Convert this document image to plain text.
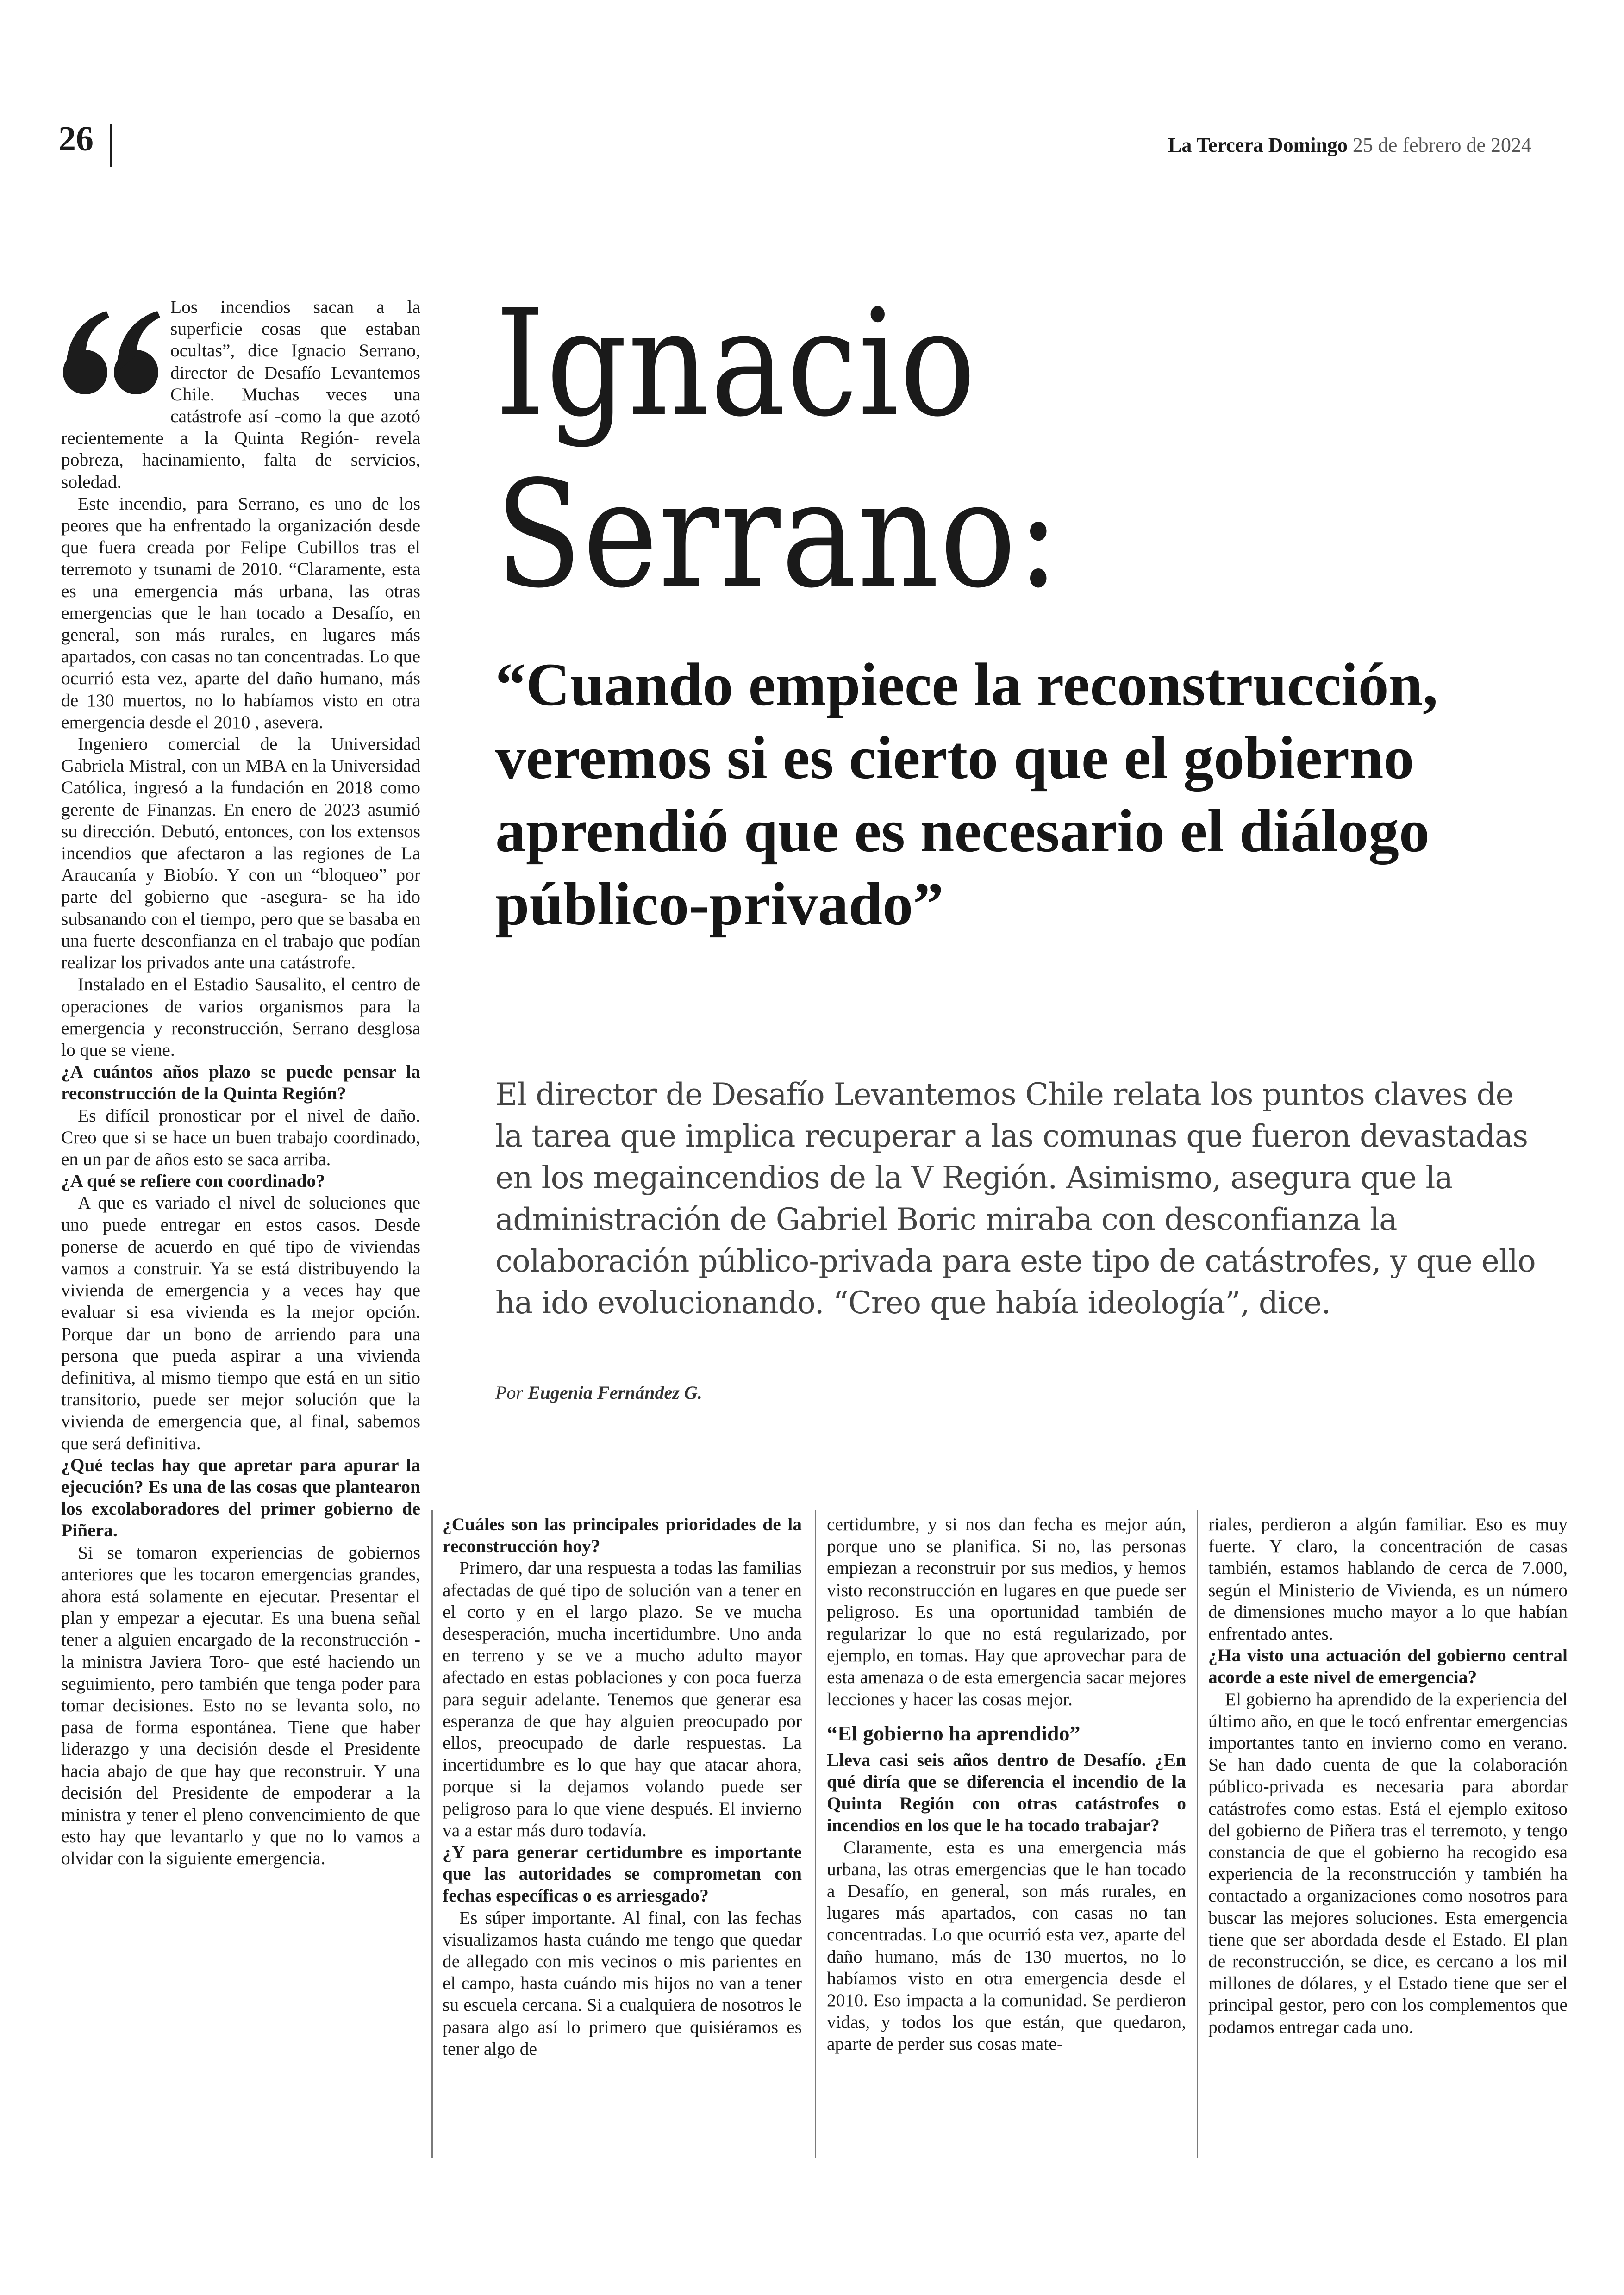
26	La Tercera Domingo 25 de febrero de 2024
Ignacio
Serrano:
“Cuando empiece la reconstrucción, veremos si es cierto que el gobierno aprendió que es necesario el diálogo público-privado”
El director de Desafío Levantemos Chile relata los puntos claves de la tarea que implica recuperar a las comunas que fueron devastadas en los megaincendios de la V Región. Asimismo, asegura que la administración de Gabriel Boric miraba con desconfianza la colaboración público-privada para este tipo de catástrofes, y que ello ha ido evolucionando. “Creo que había ideología”, dice.
Por Eugenia Fernández G.

Los incendios sacan a la superficie cosas que estaban ocultas”, dice Ignacio Serrano, director de Desafío Levantemos Chile. Muchas veces una catástrofe así -como la que azotó recientemente a la Quinta Región- revela pobreza, hacinamiento, falta de servicios, soledad.

Este incendio, para Serrano, es uno de los peores que ha enfrentado la organización desde que fuera creada por Felipe Cubillos tras el terremoto y tsunami de 2010. “Claramente, esta es una emergencia más urbana, las otras emergencias que le han tocado a Desafío, en general, son más rurales, en lugares más apartados, con casas no tan concentradas. Lo que ocurrió esta vez, aparte del daño humano, más de 130 muertos, no lo habíamos visto en otra emergencia desde el 2010 , asevera.

Ingeniero comercial de la Universidad Gabriela Mistral, con un MBA en la Universidad Católica, ingresó a la fundación en 2018 como gerente de Finanzas. En enero de 2023 asumió su dirección. Debutó, entonces, con los extensos incendios que afectaron a las regiones de La Araucanía y Biobío. Y con un “bloqueo” por parte del gobierno que -asegura- se ha ido subsanando con el tiempo, pero que se basaba en una fuerte desconfianza en el trabajo que podían realizar los privados ante una catástrofe.

Instalado en el Estadio Sausalito, el centro de operaciones de varios organismos para la emergencia y reconstrucción, Serrano desglosa lo que se viene.

¿A cuántos años plazo se puede pensar la reconstrucción de la Quinta Región?

Es difícil pronosticar por el nivel de daño. Creo que si se hace un buen trabajo coordinado, en un par de años esto se saca arriba.

¿A qué se refiere con coordinado?

A que es variado el nivel de soluciones que uno puede entregar en estos casos. Desde ponerse de acuerdo en qué tipo de viviendas vamos a construir. Ya se está distribuyendo la vivienda de emergencia y a veces hay que evaluar si esa vivienda es la mejor opción. Porque dar un bono de arriendo para una persona que pueda aspirar a una vivienda definitiva, al mismo tiempo que está en un sitio transitorio, puede ser mejor solución que la vivienda de emergencia que, al final, sabemos que será definitiva.

¿Qué teclas hay que apretar para apurar la ejecución? Es una de las cosas que plantearon los excolaboradores del primer gobierno de Piñera.

Si se tomaron experiencias de gobiernos anteriores que les tocaron emergencias grandes, ahora está solamente en ejecutar. Presentar el plan y empezar a ejecutar. Es una buena señal tener a alguien encargado de la reconstrucción -la ministra Javiera Toro- que esté haciendo un seguimiento, pero también que tenga poder para tomar decisiones. Esto no se levanta solo, no pasa de forma espontánea. Tiene que haber liderazgo y una decisión desde el Presidente hacia abajo de que hay que reconstruir. Y una decisión del Presidente de empoderar a la ministra y tener el pleno convencimiento de que esto hay que levantarlo y que no lo vamos a olvidar con la siguiente emergencia.

¿Cuáles son las principales prioridades de la reconstrucción hoy?

Primero, dar una respuesta a todas las familias afectadas de qué tipo de solución van a tener en el corto y en el largo plazo. Se ve mucha desesperación, mucha incertidumbre. Uno anda en terreno y se ve a mucho adulto mayor afectado en estas poblaciones y con poca fuerza para seguir adelante. Tenemos que generar esa esperanza de que hay alguien preocupado por ellos, preocupado de darle respuestas. La incertidumbre es lo que hay que atacar ahora, porque si la dejamos volando puede ser peligroso para lo que viene después. El invierno va a estar más duro todavía.

¿Y para generar certidumbre es importante que las autoridades se comprometan con fechas específicas o es arriesgado?

Es súper importante. Al final, con las fechas visualizamos hasta cuándo me tengo que quedar de allegado con mis vecinos o mis parientes en el campo, hasta cuándo mis hijos no van a tener su escuela cercana. Si a cualquiera de nosotros le pasara algo así lo primero que quisiéramos es tener algo de

certidumbre, y si nos dan fecha es mejor aún, porque uno se planifica. Si no, las personas empiezan a reconstruir por sus medios, y hemos visto reconstrucción en lugares en que puede ser peligroso. Es una oportunidad también de regularizar lo que no está regularizado, por ejemplo, en tomas. Hay que aprovechar para de esta amenaza o de esta emergencia sacar mejores lecciones y hacer las cosas mejor.

“El gobierno ha aprendido”

Lleva casi seis años dentro de Desafío. ¿En qué diría que se diferencia el incendio de la Quinta Región con otras catástrofes o incendios en los que le ha tocado trabajar?

Claramente, esta es una emergencia más urbana, las otras emergencias que le han tocado a Desafío, en general, son más rurales, en lugares más apartados, con casas no tan concentradas. Lo que ocurrió esta vez, aparte del daño humano, más de 130 muertos, no lo habíamos visto en otra emergencia desde el 2010. Eso impacta a la comunidad. Se perdieron vidas, y todos los que están, que quedaron, aparte de perder sus cosas mate-

riales, perdieron a algún familiar. Eso es muy fuerte. Y claro, la concentración de casas también, estamos hablando de cerca de 7.000, según el Ministerio de Vivienda, es un número de dimensiones mucho mayor a lo que habían enfrentado antes.

¿Ha visto una actuación del gobierno central acorde a este nivel de emergencia?

El gobierno ha aprendido de la experiencia del último año, en que le tocó enfrentar emergencias importantes tanto en invierno como en verano. Se han dado cuenta de que la colaboración público-privada es necesaria para abordar catástrofes como estas. Está el ejemplo exitoso del gobierno de Piñera tras el terremoto, y tengo constancia de que el gobierno ha recogido esa experiencia de la reconstrucción y también ha contactado a organizaciones como nosotros para buscar las mejores soluciones. Esta emergencia tiene que ser abordada desde el Estado. El plan de reconstrucción, se dice, es cercano a los mil millones de dólares, y el Estado tiene que ser el principal gestor, pero con los complementos que podamos entregar cada uno.
